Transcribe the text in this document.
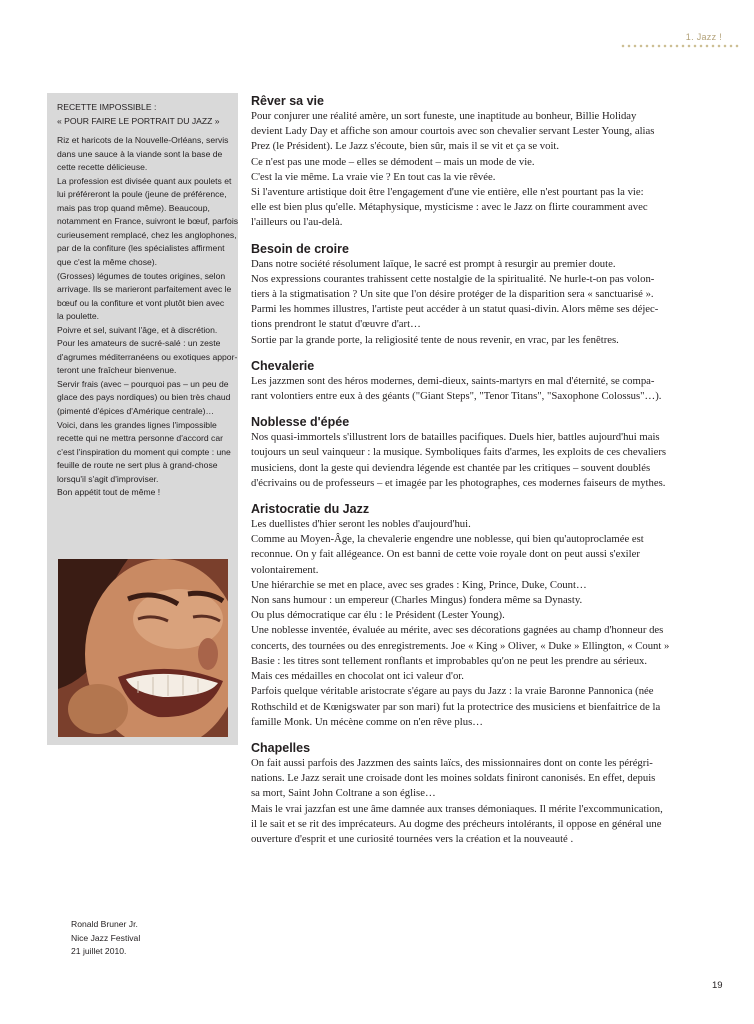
1. Jazz !
RECETTE IMPOSSIBLE :
« POUR FAIRE LE PORTRAIT DU JAZZ »
Riz et haricots de la Nouvelle-Orléans, servis
dans une sauce à la viande sont la base de
cette recette délicieuse.
La profession est divisée quant aux poulets et
lui préféreront la poule (jeune de préférence,
mais pas trop quand même). Beaucoup,
notamment en France, suivront le bœuf, parfois
curieusement remplacé, chez les anglophones,
par de la confiture (les spécialistes affirment
que c'est la même chose).
(Grosses) légumes de toutes origines, selon
arrivage. Ils se marieront parfaitement avec le
bœuf ou la confiture et vont plutôt bien avec
la poulette.
Poivre et sel, suivant l'âge, et à discrétion.
Pour les amateurs de sucré-salé : un zeste
d'agrumes méditerranéens ou exotiques appor-
teront une fraîcheur bienvenue.
Servir frais (avec – pourquoi pas – un peu de
glace des pays nordiques) ou bien très chaud
(pimenté d'épices d'Amérique centrale)…
Voici, dans les grandes lignes l'impossible
recette qui ne mettra personne d'accord car
c'est l'inspiration du moment qui compte : une
feuille de route ne sert plus à grand-chose
lorsqu'il s'agit d'improviser.
Bon appétit tout de même !
Rêver sa vie
Pour conjurer une réalité amère, un sort funeste, une inaptitude au bonheur, Billie Holiday
devient Lady Day et affiche son amour courtois avec son chevalier servant Lester Young, alias
Prez (le Président). Le Jazz s'écoute, bien sûr, mais il se vit et ça se voit.
Ce n'est pas une mode – elles se démodent – mais un mode de vie.
C'est la vie même. La vraie vie ? En tout cas la vie rêvée.
Si l'aventure artistique doit être l'engagement d'une vie entière, elle n'est pourtant pas la vie:
elle est bien plus qu'elle. Métaphysique, mysticisme : avec le Jazz on flirte couramment avec
l'ailleurs ou l'au-delà.
Besoin de croire
Dans notre société résolument laïque, le sacré est prompt à resurgir au premier doute.
Nos expressions courantes trahissent cette nostalgie de la spiritualité. Ne hurle-t-on pas volon-
tiers à la stigmatisation ? Un site que l'on désire protéger de la disparition sera « sanctuarisé ».
Parmi les hommes illustres, l'artiste peut accéder à un statut quasi-divin. Alors même ses déjec-
tions prendront le statut d'œuvre d'art…
Sortie par la grande porte, la religiosité tente de nous revenir, en vrac, par les fenêtres.
Chevalerie
Les jazzmen sont des héros modernes, demi-dieux, saints-martyrs en mal d'éternité, se compa-
rant volontiers entre eux à des géants ("Giant Steps", "Tenor Titans", "Saxophone Colossus"…).
Noblesse d'épée
Nos quasi-immortels s'illustrent lors de batailles pacifiques. Duels hier, battles aujourd'hui mais
toujours un seul vainqueur : la musique. Symboliques faits d'armes, les exploits de ces chevaliers
musiciens, dont la geste qui deviendra légende est chantée par les critiques – souvent doublés
d'écrivains ou de professeurs – et imagée par les photographes, ces modernes faiseurs de mythes.
Aristocratie du Jazz
Les duellistes d'hier seront les nobles d'aujourd'hui.
Comme au Moyen-Âge, la chevalerie engendre une noblesse, qui bien qu'autoproclamée est
reconnue. On y fait allégeance. On est banni de cette voie royale dont on peut aussi s'exiler
volontairement.
Une hiérarchie se met en place, avec ses grades : King, Prince, Duke, Count…
Non sans humour : un empereur (Charles Mingus) fondera même sa Dynasty.
Ou plus démocratique car élu : le Président (Lester Young).
Une noblesse inventée, évaluée au mérite, avec ses décorations gagnées au champ d'honneur des
concerts, des tournées ou des enregistrements. Joe « King » Oliver, « Duke » Ellington, « Count »
Basie : les titres sont tellement ronflants et improbables qu'on ne peut les prendre au sérieux.
Mais ces médailles en chocolat ont ici valeur d'or.
Parfois quelque véritable aristocrate s'égare au pays du Jazz : la vraie Baronne Pannonica (née
Rothschild et de Kœnigswater par son mari) fut la protectrice des musiciens et bienfaitrice de la
famille Monk. Un mécène comme on n'en rêve plus…
Chapelles
On fait aussi parfois des Jazzmen des saints laïcs, des missionnaires dont on conte les pérégri-
nations. Le Jazz serait une croisade dont les moines soldats finiront canonisés. En effet, depuis
sa mort, Saint John Coltrane a son église…
Mais le vrai jazzfan est une âme damnée aux transes démoniaques. Il mérite l'excommunication,
il le sait et se rit des imprécateurs. Au dogme des précheurs intolérants, il oppose en général une
ouverture d'esprit et une curiosité tournées vers la création et la nouveauté .
Ronald Bruner Jr.
Nice Jazz Festival
21 juillet 2010.
19
